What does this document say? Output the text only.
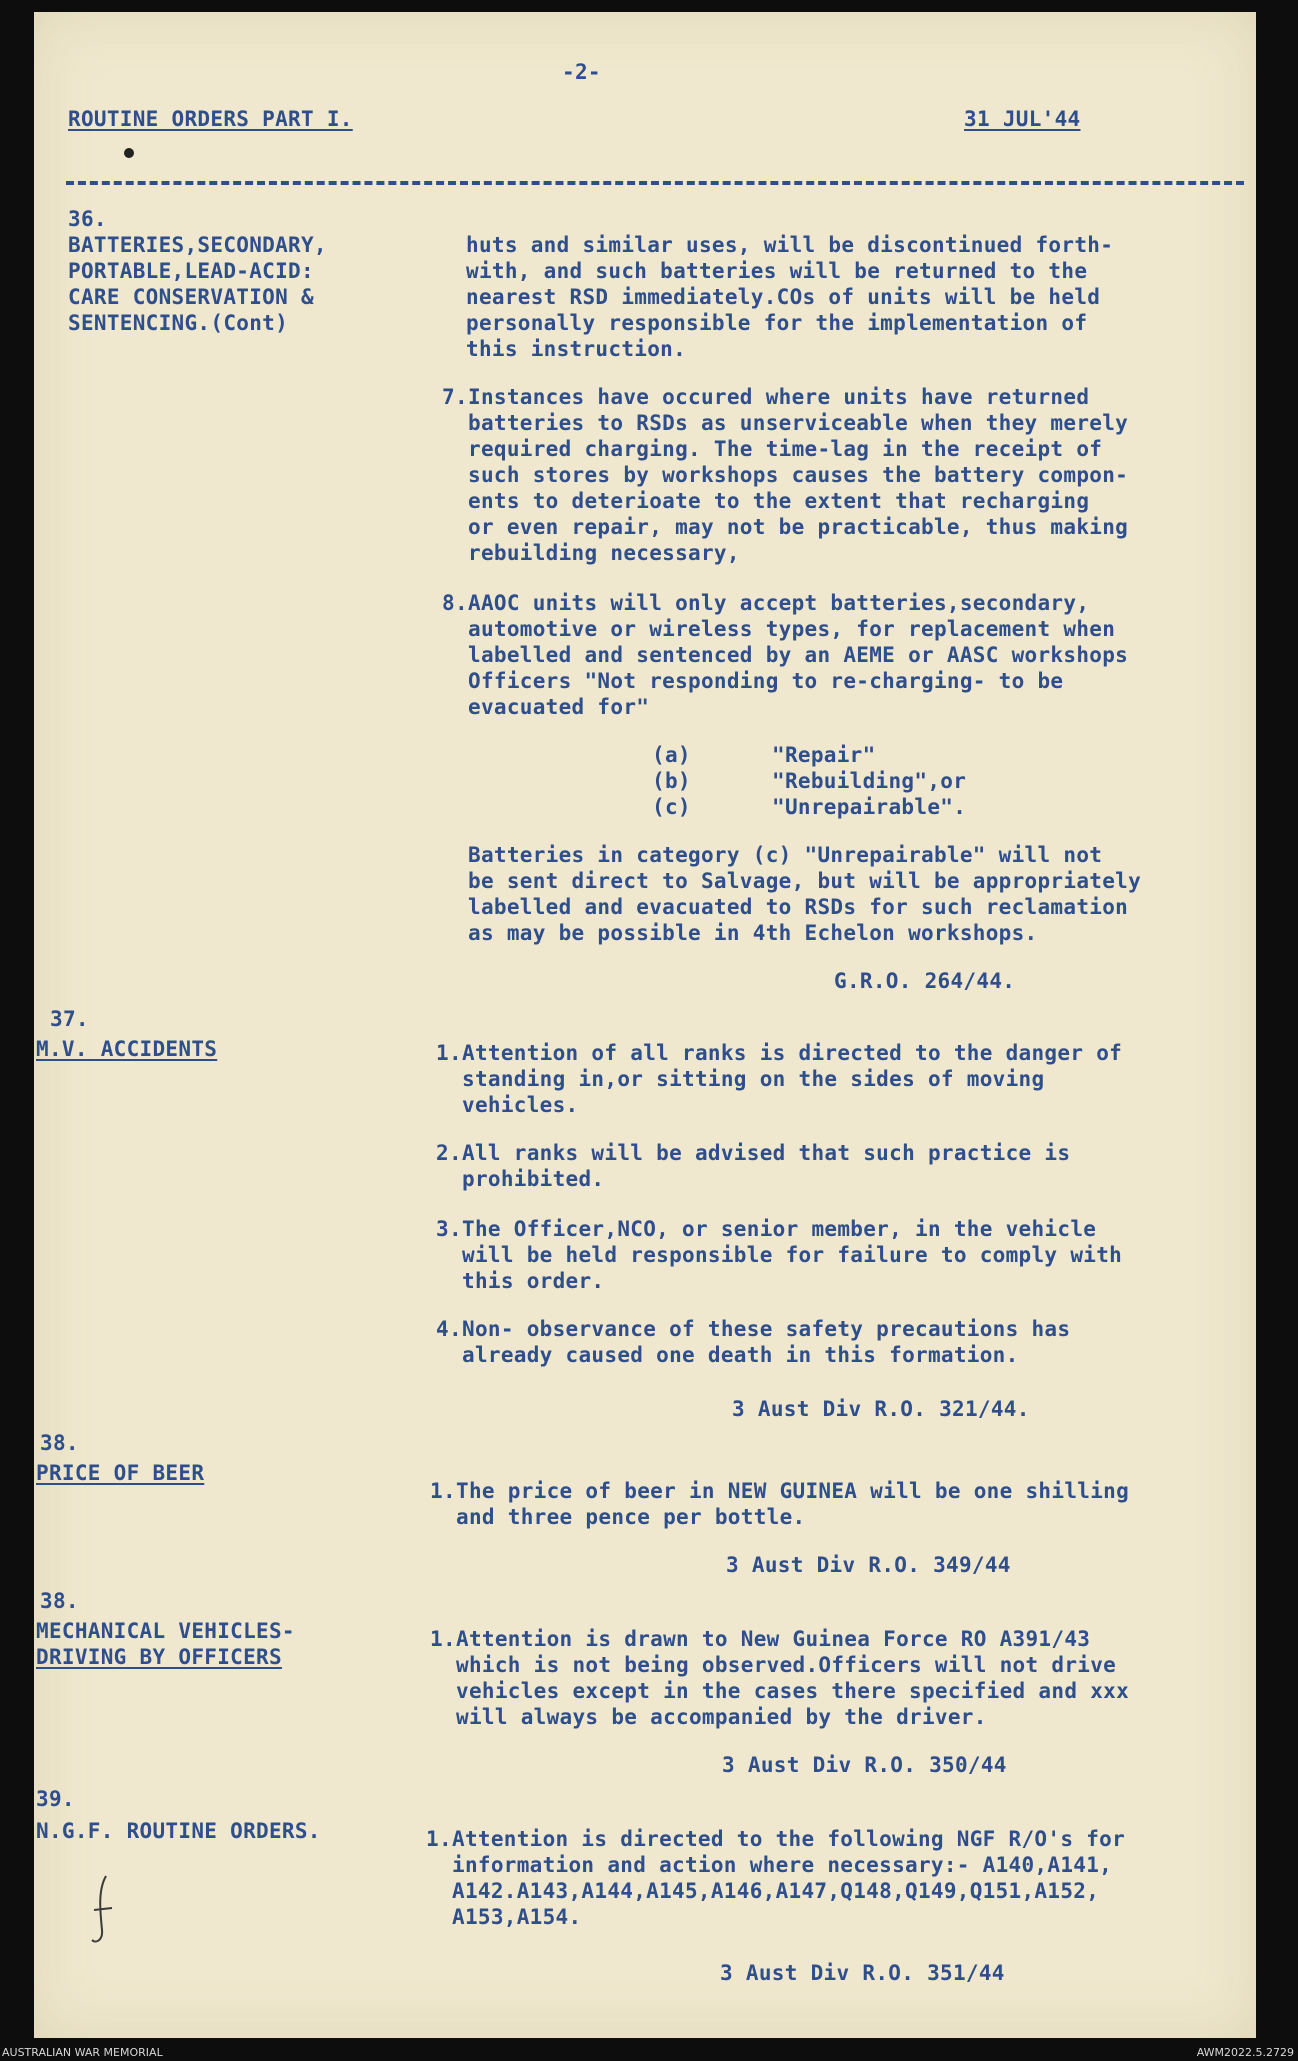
-2-
ROUTINE ORDERS PART I.	31 JUL'44
36.
BATTERIES,SECONDARY,
PORTABLE,LEAD-ACID:
CARE CONSERVATION &
SENTENCING.(Cont)
huts and similar uses, will be discontinued forth-
with, and such batteries will be returned to the
nearest RSD immediately.COs of units will be held
personally responsible for the implementation of
this instruction.
7. Instances have occured where units have returned
batteries to RSDs as unserviceable when they merely
required charging. The time-lag in the receipt of
such stores by workshops causes the battery compon-
ents to deterioate to the extent that recharging
or even repair, may not be practicable, thus making
rebuilding necessary,
8. AAOC units will only accept batteries,secondary,
automotive or wireless types, for replacement when
labelled and sentenced by an AEME or AASC workshops
Officers "Not responding to re-charging- to be
evacuated for"
(a)	"Repair"
(b)	"Rebuilding",or
(c)	"Unrepairable".
Batteries in category (c) "Unrepairable" will not
be sent direct to Salvage, but will be appropriately
labelled and evacuated to RSDs for such reclamation
as may be possible in 4th Echelon workshops.
G.R.O. 264/44.
37.
M.V. ACCIDENTS	1. Attention of all ranks is directed to the danger of
standing in,or sitting on the sides of moving
vehicles.
2. All ranks will be advised that such practice is
prohibited.
3. The Officer,NCO, or senior member, in the vehicle
will be held responsible for failure to comply with
this order.
4. Non- observance of these safety precautions has
already caused one death in this formation.
3 Aust Div R.O. 321/44.
38.
PRICE OF BEER
1. The price of beer in NEW GUINEA will be one shilling
and three pence per bottle.
3 Aust Div R.O. 349/44
38.
MECHANICAL VEHICLES-
DRIVING BY OFFICERS
1. Attention is drawn to New Guinea Force RO A391/43
which is not being observed.Officers will not drive
vehicles except in the cases there specified and xxx
will always be accompanied by the driver.
3 Aust Div R.O. 350/44
39.
N.G.F. ROUTINE ORDERS.	1. Attention is directed to the following NGF R/O's for
information and action where necessary:- A140,A141,
A142.A143,A144,A145,A146,A147,Q148,Q149,Q151,A152,
A153,A154.
3 Aust Div R.O. 351/44
AUSTRALIAN WAR MEMORIAL	AWM2022.5.2729
